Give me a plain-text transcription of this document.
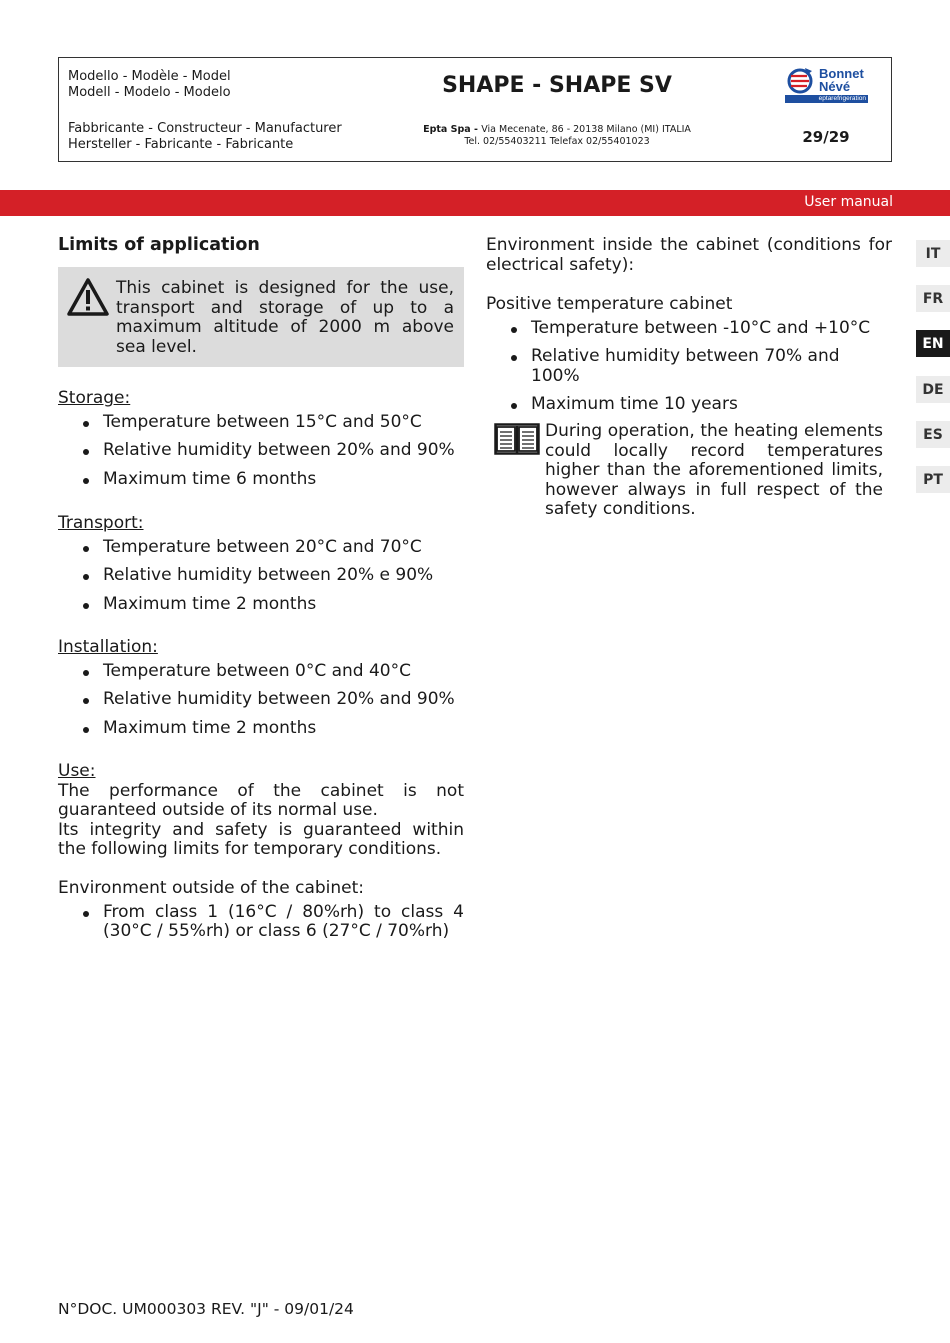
Modello - Modèle - Model
Modell - Modelo - Modelo	SHAPE - SHAPE SV	Bonnet
Névé
eptarefrigeration
Fabbricante - Constructeur - Manufacturer
Hersteller - Fabricante - Fabricante
Epta Spa - Via Mecenate, 86 - 20138 Milano (MI) ITALIA
Tel. 02/55403211 Telefax 02/55401023	29/29
User manual
IT
FR
EN
DE
ES
PT
Limits of application
This cabinet is designed for the use, transport and storage of up to a maximum altitude of 2000 m above sea level.
Storage:
Temperature between 15°C and 50°C
Relative humidity between 20% and 90%
Maximum time 6 months
Transport:
Temperature between 20°C and 70°C
Relative humidity between 20% e 90%
Maximum time 2 months
Installation:
Temperature between 0°C and 40°C
Relative humidity between 20% and 90%
Maximum time 2 months
Use:
The performance of the cabinet is not guaranteed outside of its normal use.
Its integrity and safety is guaranteed within the following limits for temporary conditions.
Environment outside of the cabinet:
From class 1 (16°C / 80%rh) to class 4 (30°C / 55%rh) or class 6 (27°C / 70%rh)
Environment inside the cabinet (conditions for electrical safety):
Positive temperature cabinet
Temperature between -10°C and +10°C
Relative humidity between 70% and 100%
Maximum time 10 years
During operation, the heating elements could locally record temperatures higher than the aforementioned limits, however always in full respect of the safety conditions.
N°DOC. UM000303 REV. "J" - 09/01/24
